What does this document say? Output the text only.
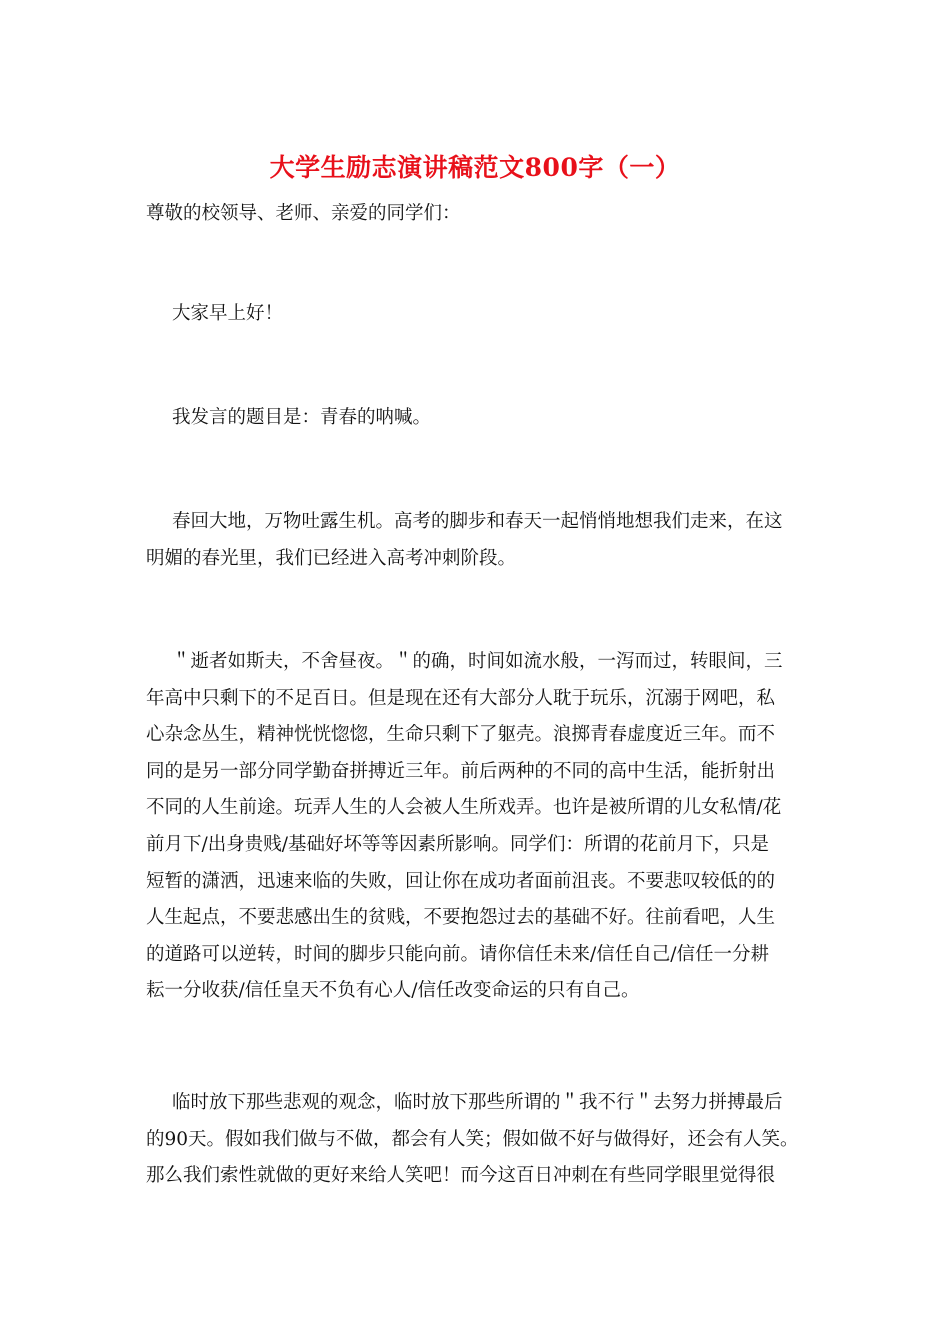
大学生励志演讲稿范文800字（一）
尊敬的校领导、老师、亲爱的同学们：
大家早上好！
我发言的题目是：青春的呐喊。
春回大地，万物吐露生机。高考的脚步和春天一起悄悄地想我们走来，在这
明媚的春光里，我们已经进入高考冲刺阶段。
＂逝者如斯夫，不舍昼夜。＂的确，时间如流水般，一泻而过，转眼间，三
年高中只剩下的不足百日。但是现在还有大部分人耽于玩乐，沉溺于网吧，私
心杂念丛生，精神恍恍惚惚，生命只剩下了躯壳。浪掷青春虚度近三年。而不
同的是另一部分同学勤奋拼搏近三年。前后两种的不同的高中生活，能折射出
不同的人生前途。玩弄人生的人会被人生所戏弄。也许是被所谓的儿女私情/花
前月下/出身贵贱/基础好坏等等因素所影响。同学们：所谓的花前月下，只是
短暂的潇洒，迅速来临的失败，回让你在成功者面前沮丧。不要悲叹较低的的
人生起点，不要悲感出生的贫贱，不要抱怨过去的基础不好。往前看吧，人生
的道路可以逆转，时间的脚步只能向前。请你信任未来/信任自己/信任一分耕
耘一分收获/信任皇天不负有心人/信任改变命运的只有自己。
临时放下那些悲观的观念，临时放下那些所谓的＂我不行＂去努力拼搏最后
的90天。假如我们做与不做，都会有人笑；假如做不好与做得好，还会有人笑。
那么我们索性就做的更好来给人笑吧！而今这百日冲刺在有些同学眼里觉得很
